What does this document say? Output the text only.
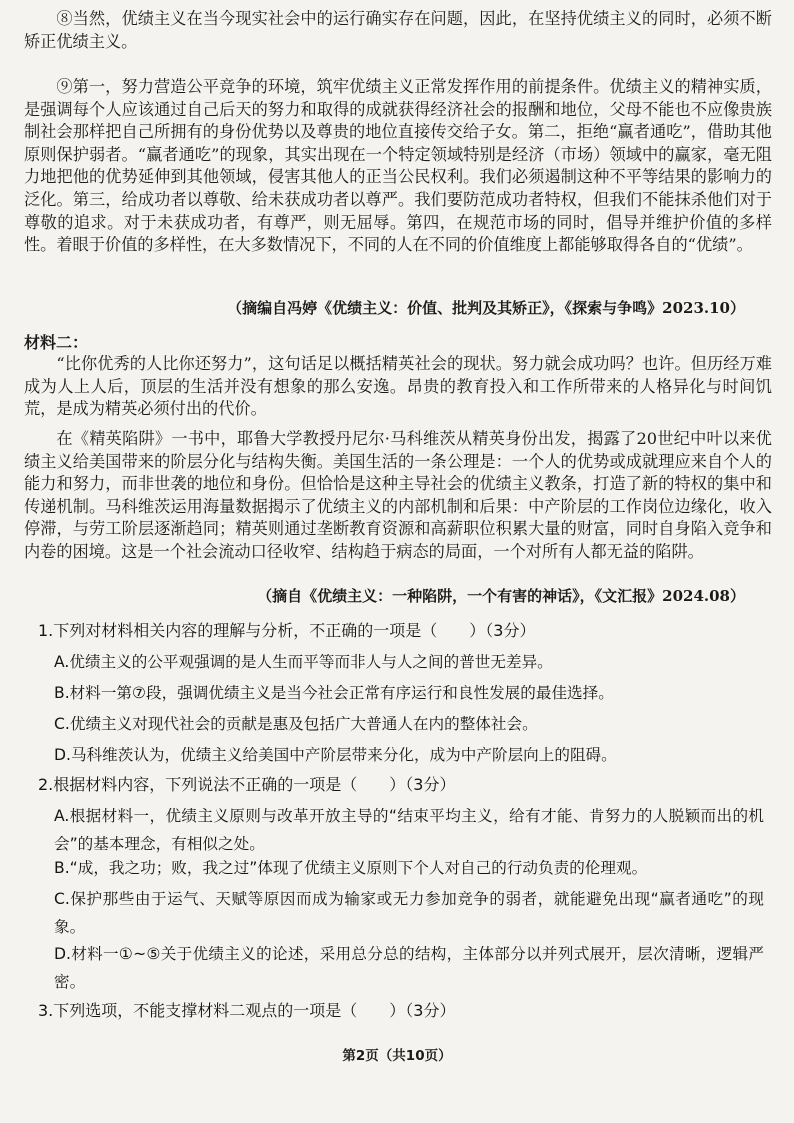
⑧当然，优绩主义在当今现实社会中的运行确实存在问题，因此，在坚持优绩主义的同时，必须不断矫正优绩主义。

⑨第一，努力营造公平竞争的环境，筑牢优绩主义正常发挥作用的前提条件。优绩主义的精神实质，是强调每个人应该通过自己后天的努力和取得的成就获得经济社会的报酬和地位，父母不能也不应像贵族制社会那样把自己所拥有的身份优势以及尊贵的地位直接传交给子女。第二，拒绝“赢者通吃”，借助其他原则保护弱者。“赢者通吃”的现象，其实出现在一个特定领域特别是经济（市场）领域中的赢家，毫无阻力地把他的优势延伸到其他领域，侵害其他人的正当公民权利。我们必须遏制这种不平等结果的影响力的泛化。第三，给成功者以尊敬、给未获成功者以尊严。我们要防范成功者特权，但我们不能抹杀他们对于尊敬的追求。对于未获成功者，有尊严，则无屈辱。第四，在规范市场的同时，倡导并维护价值的多样性。着眼于价值的多样性，在大多数情况下，不同的人在不同的价值维度上都能够取得各自的“优绩”。

（摘编自冯婷《优绩主义：价值、批判及其矫正》，《探索与争鸣》2023.10）

材料二：

“比你优秀的人比你还努力”，这句话足以概括精英社会的现状。努力就会成功吗？也许。但历经万难成为人上人后，顶层的生活并没有想象的那么安逸。昂贵的教育投入和工作所带来的人格异化与时间饥荒，是成为精英必须付出的代价。

在《精英陷阱》一书中，耶鲁大学教授丹尼尔·马科维茨从精英身份出发，揭露了20世纪中叶以来优绩主义给美国带来的阶层分化与结构失衡。美国生活的一条公理是：一个人的优势或成就理应来自个人的能力和努力，而非世袭的地位和身份。但恰恰是这种主导社会的优绩主义教条，打造了新的特权的集中和传递机制。马科维茨运用海量数据揭示了优绩主义的内部机制和后果：中产阶层的工作岗位边缘化，收入停滞，与劳工阶层逐渐趋同；精英则通过垄断教育资源和高薪职位积累大量的财富，同时自身陷入竞争和内卷的困境。这是一个社会流动口径收窄、结构趋于病态的局面，一个对所有人都无益的陷阱。

（摘自《优绩主义：一种陷阱，一个有害的神话》，《文汇报》2024.08）

1.下列对材料相关内容的理解与分析，不正确的一项是（　　）（3分）

A.优绩主义的公平观强调的是人生而平等而非人与人之间的普世无差异。

B.材料一第⑦段，强调优绩主义是当今社会正常有序运行和良性发展的最佳选择。

C.优绩主义对现代社会的贡献是惠及包括广大普通人在内的整体社会。

D.马科维茨认为，优绩主义给美国中产阶层带来分化，成为中产阶层向上的阻碍。

2.根据材料内容，下列说法不正确的一项是（　　）（3分）

A.根据材料一，优绩主义原则与改革开放主导的“结束平均主义，给有才能、肯努力的人脱颖而出的机会”的基本理念，有相似之处。

B.“成，我之功；败，我之过”体现了优绩主义原则下个人对自己的行动负责的伦理观。

C.保护那些由于运气、天赋等原因而成为输家或无力参加竞争的弱者，就能避免出现“赢者通吃”的现象。

D.材料一①~⑤关于优绩主义的论述，采用总分总的结构，主体部分以并列式展开，层次清晰，逻辑严密。

3.下列选项，不能支撑材料二观点的一项是（　　）（3分）

第2页（共10页）
